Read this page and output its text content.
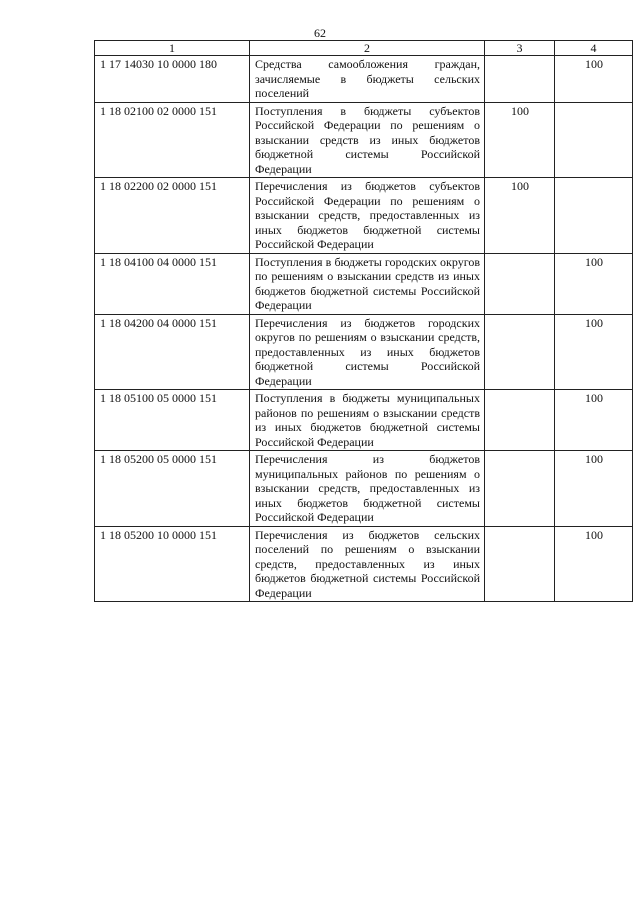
62
1	2	3	4
1 17 14030 10 0000 180	Средства самообложения граждан, зачисляемые в бюджеты сельских поселений		100
1 18 02100 02 0000 151	Поступления в бюджеты субъектов Российской Федерации по решениям о взыскании средств из иных бюджетов бюджетной системы Российской Федерации	100	
1 18 02200 02 0000 151	Перечисления из бюджетов субъектов Российской Федерации по решениям о взыскании средств, предоставленных из иных бюджетов бюджетной системы Российской Федерации	100	
1 18 04100 04 0000 151	Поступления в бюджеты городских округов по решениям о взыскании средств из иных бюджетов бюджетной системы Российской Федерации		100
1 18 04200 04 0000 151	Перечисления из бюджетов городских округов по решениям о взыскании средств, предоставленных из иных бюджетов бюджетной системы Российской Федерации		100
1 18 05100 05 0000 151	Поступления в бюджеты муниципальных районов по решениям о взыскании средств из иных бюджетов бюджетной системы Российской Федерации		100
1 18 05200 05 0000 151	Перечисления из бюджетов муниципальных районов по решениям о взыскании средств, предоставленных из иных бюджетов бюджетной системы Российской Федерации		100
1 18 05200 10 0000 151	Перечисления из бюджетов сельских поселений по решениям о взыскании средств, предоставленных из иных бюджетов бюджетной системы Российской Федерации		100
